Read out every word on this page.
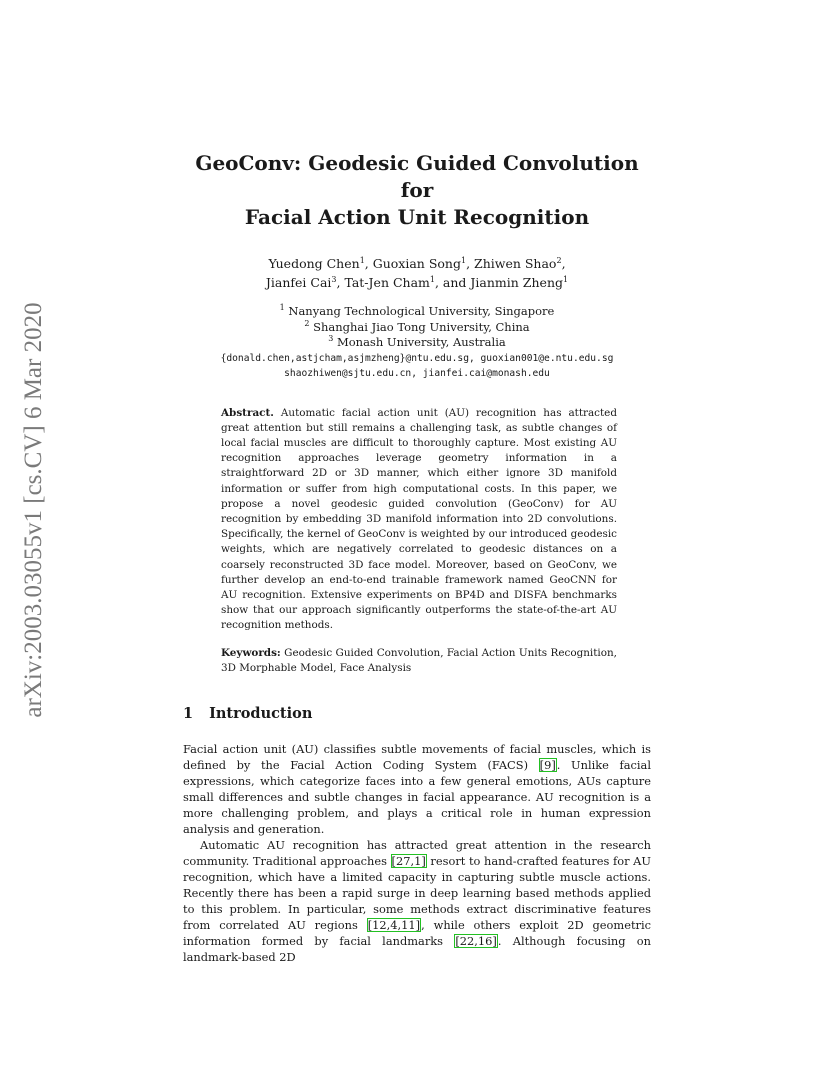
arXiv:2003.03055v1 [cs.CV] 6 Mar 2020
GeoConv: Geodesic Guided Convolution for
Facial Action Unit Recognition
Yuedong Chen$^1$, Guoxian Song$^1$, Zhiwen Shao$^2$,
Jianfei Cai$^3$, Tat-Jen Cham$^1$, and Jianmin Zheng$^1$
$^1$ Nanyang Technological University, Singapore
$^2$ Shanghai Jiao Tong University, China
$^3$ Monash University, Australia
{donald.chen,astjcham,asjmzheng}@ntu.edu.sg, guoxian001@e.ntu.edu.sg
shaozhiwen@sjtu.edu.cn, jianfei.cai@monash.edu
Abstract. Automatic facial action unit (AU) recognition has attracted great attention but still remains a challenging task, as subtle changes of local facial muscles are difficult to thoroughly capture. Most existing AU recognition approaches leverage geometry information in a straightforward 2D or 3D manner, which either ignore 3D manifold information or suffer from high computational costs. In this paper, we propose a novel geodesic guided convolution (GeoConv) for AU recognition by embedding 3D manifold information into 2D convolutions. Specifically, the kernel of GeoConv is weighted by our introduced geodesic weights, which are negatively correlated to geodesic distances on a coarsely reconstructed 3D face model. Moreover, based on GeoConv, we further develop an end-to-end trainable framework named GeoCNN for AU recognition. Extensive experiments on BP4D and DISFA benchmarks show that our approach significantly outperforms the state-of-the-art AU recognition methods.
Keywords: Geodesic Guided Convolution, Facial Action Units Recognition, 3D Morphable Model, Face Analysis
1 Introduction

Facial action unit (AU) classifies subtle movements of facial muscles, which is defined by the Facial Action Coding System (FACS) [9]. Unlike facial expressions, which categorize faces into a few general emotions, AUs capture small differences and subtle changes in facial appearance. AU recognition is a more challenging problem, and plays a critical role in human expression analysis and generation.

Automatic AU recognition has attracted great attention in the research community. Traditional approaches [27,1] resort to hand-crafted features for AU recognition, which have a limited capacity in capturing subtle muscle actions. Recently there has been a rapid surge in deep learning based methods applied to this problem. In particular, some methods extract discriminative features from correlated AU regions [12,4,11], while others exploit 2D geometric information formed by facial landmarks [22,16]. Although focusing on landmark-based 2D
